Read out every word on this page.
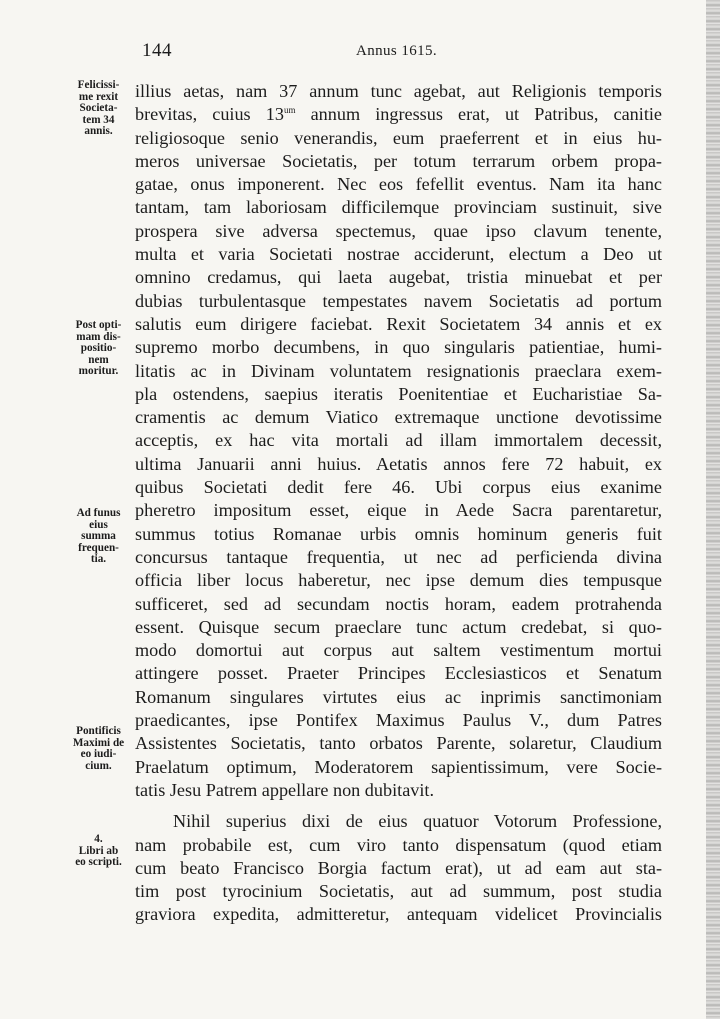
144	Annus 1615.
Felicissi-
me rexit
Societa-
tem 34
annis.
Post opti-
mam dis-
positio-
nem
moritur.
Ad funus
eius
summa
frequen-
tia.
Pontificis
Maximi de
eo iudi-
cium.
4.
Libri ab
eo scripti.
illius aetas, nam 37 annum tunc agebat, aut Religionis temporis
brevitas, cuius $13^{um}$ annum ingressus erat, ut Patribus, canitie
religiosoque senio venerandis, eum praeferrent et in eius hu-
meros universae Societatis, per totum terrarum orbem propa-
gatae, onus imponerent. Nec eos fefellit eventus. Nam ita hanc
tantam, tam laboriosam difficilemque provinciam sustinuit, sive
prospera sive adversa spectemus, quae ipso clavum tenente,
multa et varia Societati nostrae acciderunt, electum a Deo ut
omnino credamus, qui laeta augebat, tristia minuebat et per
dubias turbulentasque tempestates navem Societatis ad portum
salutis eum dirigere faciebat. Rexit Societatem 34 annis et ex
supremo morbo decumbens, in quo singularis patientiae, humi-
litatis ac in Divinam voluntatem resignationis praeclara exem-
pla ostendens, saepius iteratis Poenitentiae et Eucharistiae Sa-
cramentis ac demum Viatico extremaque unctione devotissime
acceptis, ex hac vita mortali ad illam immortalem decessit,
ultima Januarii anni huius. Aetatis annos fere 72 habuit, ex
quibus Societati dedit fere 46. Ubi corpus eius exanime
pheretro impositum esset, eique in Aede Sacra parentaretur,
summus totius Romanae urbis omnis hominum generis fuit
concursus tantaque frequentia, ut nec ad perficienda divina
officia liber locus haberetur, nec ipse demum dies tempusque
sufficeret, sed ad secundam noctis horam, eadem protrahenda
essent. Quisque secum praeclare tunc actum credebat, si quo-
modo domortui aut corpus aut saltem vestimentum mortui
attingere posset. Praeter Principes Ecclesiasticos et Senatum
Romanum singulares virtutes eius ac inprimis sanctimoniam
praedicantes, ipse Pontifex Maximus Paulus V., dum Patres
Assistentes Societatis, tanto orbatos Parente, solaretur, Claudium
Praelatum optimum, Moderatorem sapientissimum, vere Socie-
tatis Jesu Patrem appellare non dubitavit.
Nihil superius dixi de eius quatuor Votorum Professione,
nam probabile est, cum viro tanto dispensatum (quod etiam
cum beato Francisco Borgia factum erat), ut ad eam aut sta-
tim post tyrocinium Societatis, aut ad summum, post studia
graviora expedita, admitteretur, antequam videlicet Provincialis
